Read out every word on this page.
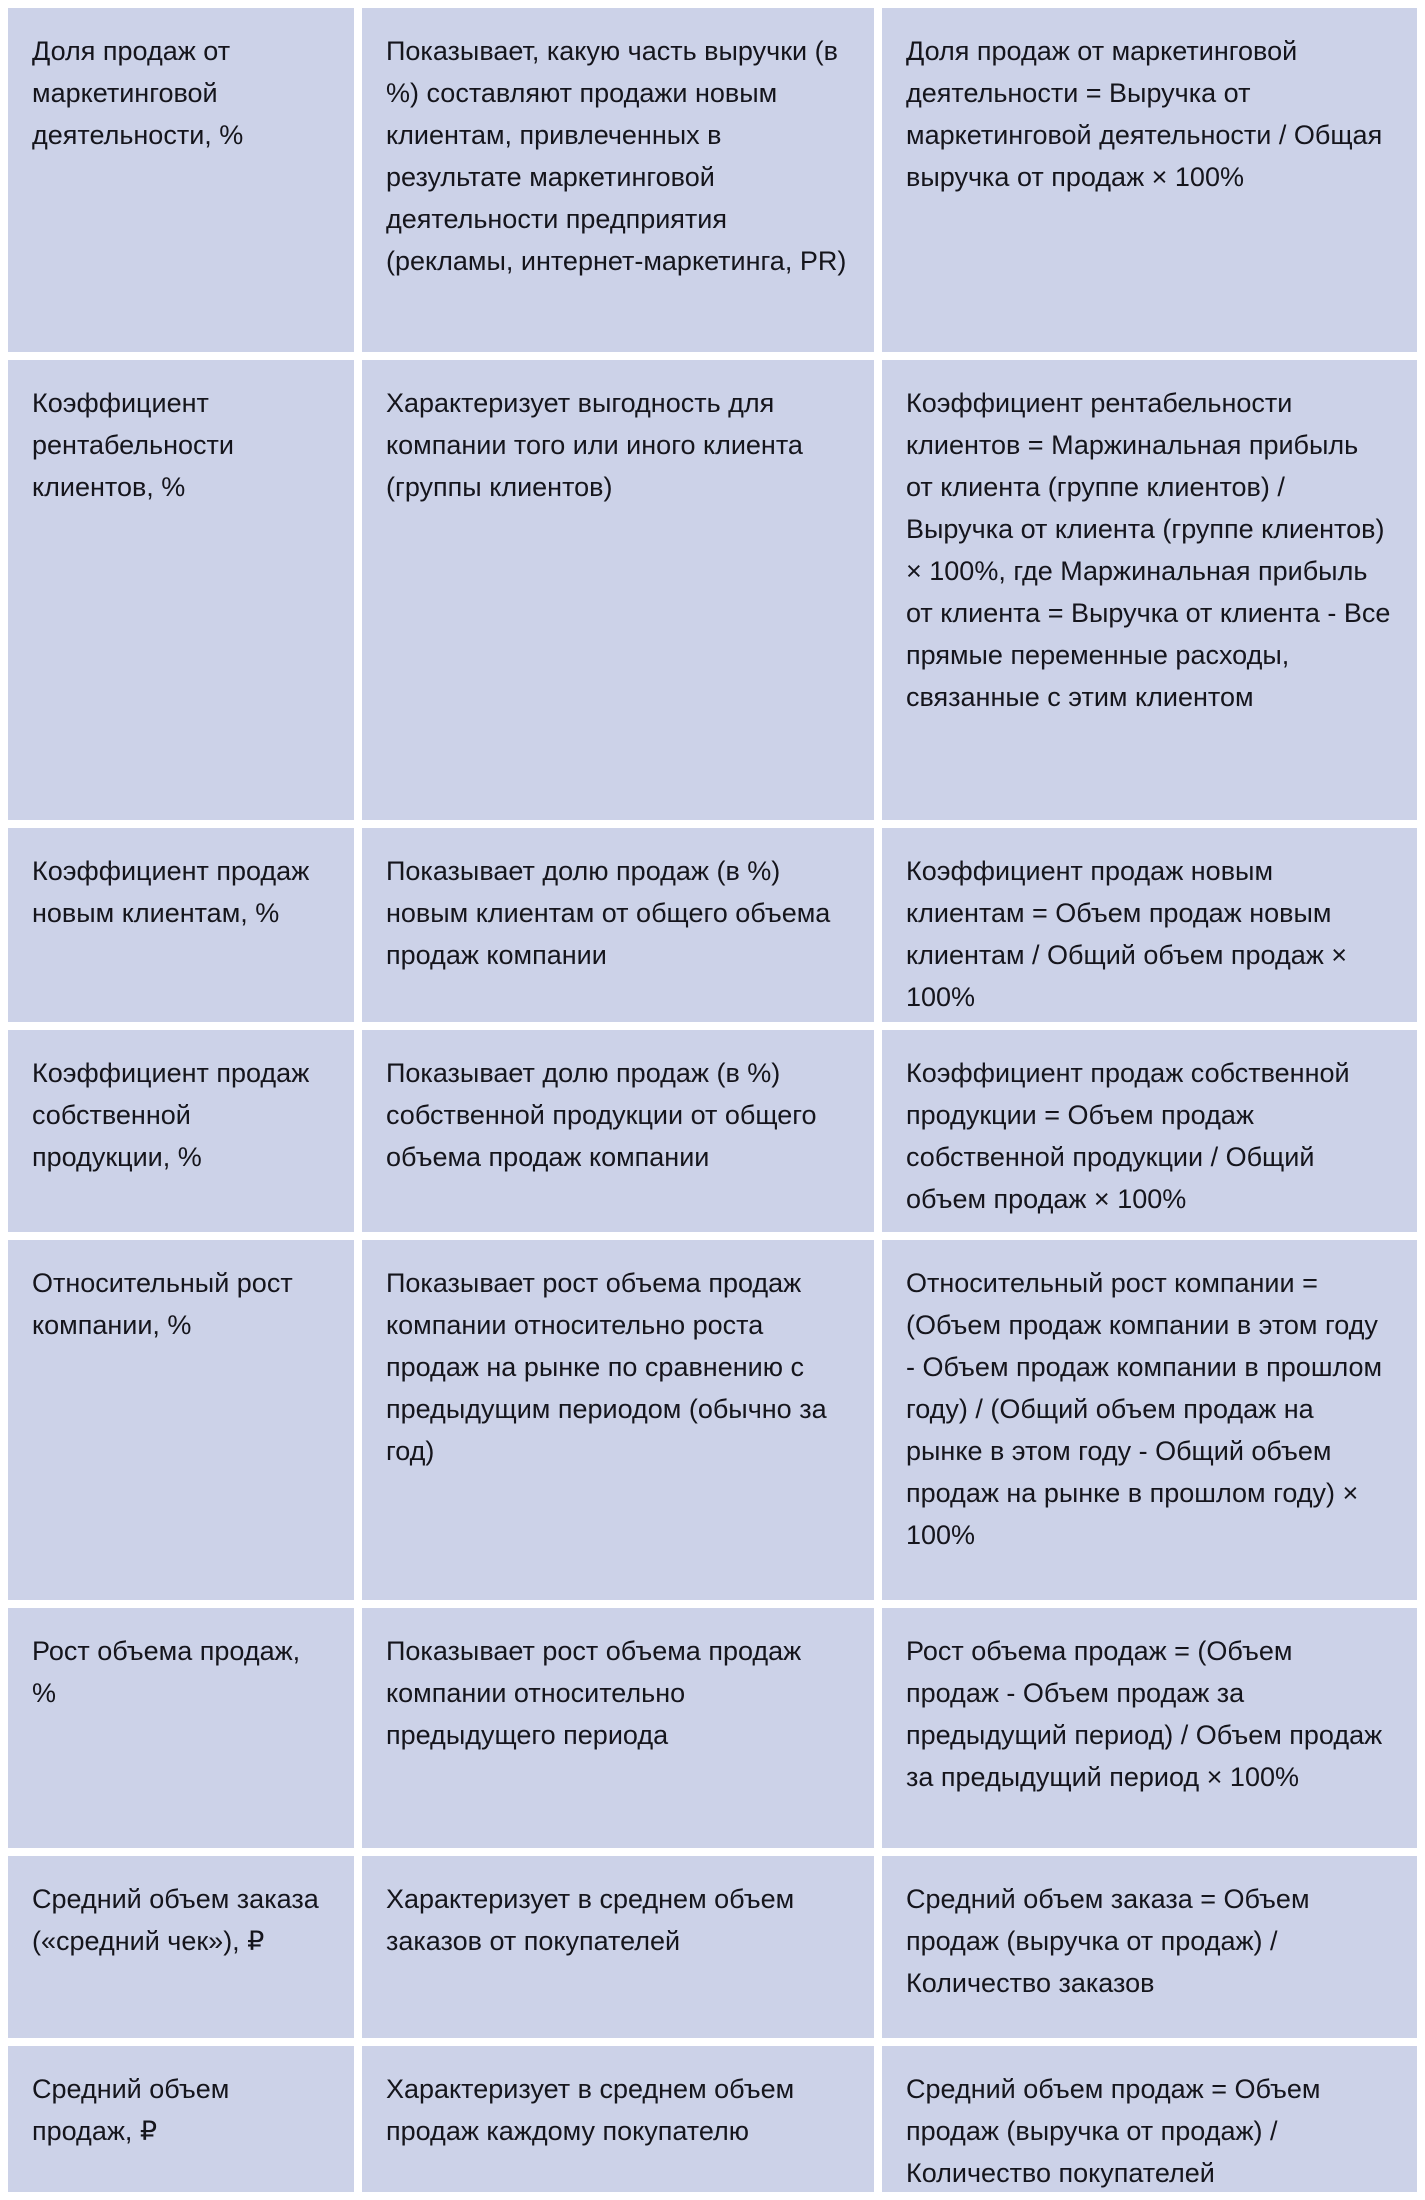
Доля продаж от маркетинговой деятельности, %
Показывает, какую часть выручки (в %) составляют продажи новым клиентам, привлеченных в результате маркетинговой деятельности предприятия (рекламы, интернет-маркетинга, PR)
Доля продаж от маркетинговой деятельности = Выручка от маркетинговой деятельности / Общая выручка от продаж × 100%
Коэффициент рентабельности клиентов, %
Характеризует выгодность для компании того или иного клиента (группы клиентов)
Коэффициент рентабельности клиентов = Маржинальная прибыль от клиента (группе клиентов) / Выручка от клиента (группе клиентов) × 100%, где Маржинальная прибыль от клиента = Выручка от клиента - Все прямые переменные расходы, связанные с этим клиентом
Коэффициент продаж новым клиентам, %
Показывает долю продаж (в %) новым клиентам от общего объема продаж компании
Коэффициент продаж новым клиентам = Объем продаж новым клиентам / Общий объем продаж × 100%
Коэффициент продаж собственной продукции, %
Показывает долю продаж (в %) собственной продукции от общего объема продаж компании
Коэффициент продаж собственной продукции = Объем продаж собственной продукции / Общий объем продаж × 100%
Относительный рост компании, %
Показывает рост объема продаж компании относительно роста продаж на рынке по сравнению с предыдущим периодом (обычно за год)
Относительный рост компании = (Объем продаж компании в этом году - Объем продаж компании в прошлом году) / (Общий объем продаж на рынке в этом году - Общий объем продаж на рынке в прошлом году) × 100%
Рост объема продаж, %
Показывает рост объема продаж компании относительно предыдущего периода
Рост объема продаж = (Объем продаж - Объем продаж за предыдущий период) / Объем продаж за предыдущий период × 100%
Средний объем заказа («средний чек»), ₽
Характеризует в среднем объем заказов от покупателей
Средний объем заказа = Объем продаж (выручка от продаж) / Количество заказов
Средний объем продаж, ₽
Характеризует в среднем объем продаж каждому покупателю
Средний объем продаж = Объем продаж (выручка от продаж) / Количество покупателей
